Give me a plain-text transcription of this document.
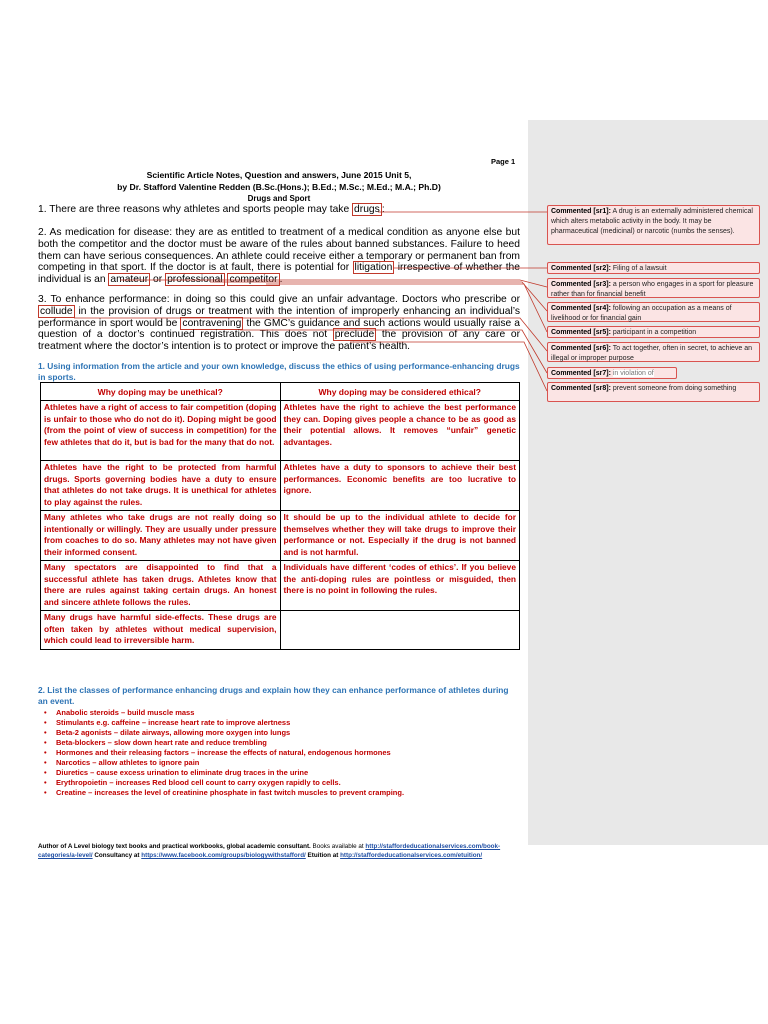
Page 1
Scientific Article Notes, Question and answers, June 2015 Unit 5,
by Dr. Stafford Valentine Redden (B.Sc.(Hons.); B.Ed.; M.Sc.; M.Ed.; M.A.; Ph.D)
Drugs and Sport
1. There are three reasons why athletes and sports people may take drugs :
2. As medication for disease: they are as entitled to treatment of a medical condition as anyone else but both the competitor and the doctor must be aware of the rules about banned substances. Failure to heed them can have serious consequences. An athlete could receive either a temporary or permanent ban from competing in that sport. If the doctor is at fault, there is potential for litigation irrespective of whether the individual is an amateur or professional competitor .
3. To enhance performance: in doing so this could give an unfair advantage. Doctors who prescribe or collude in the provision of drugs or treatment with the intention of improperly enhancing an individual’s performance in sport would be contravening the GMC’s guidance and such actions would usually raise a question of a doctor’s continued registration. This does not preclude the provision of any care or treatment where the doctor’s intention is to protect or improve the patient’s health.
1. Using information from the article and your own knowledge, discuss the ethics of using performance-enhancing drugs in sports.
Why doping may be unethical?	Why doping may be considered ethical?
Athletes have a right of access to fair competition (doping is unfair to those who do not do it). Doping might be good (from the point of view of success in competition) for the few athletes that do it, but is bad for the many that do not.	Athletes have the right to achieve the best performance they can. Doping gives people a chance to be as good as their potential allows. It removes “unfair” genetic advantages.
Athletes have the right to be protected from harmful drugs. Sports governing bodies have a duty to ensure that athletes do not take drugs. It is unethical for athletes to play against the rules.	Athletes have a duty to sponsors to achieve their best performances. Economic benefits are too lucrative to ignore.
Many athletes who take drugs are not really doing so intentionally or willingly. They are usually under pressure from coaches to do so. Many athletes may not have given their informed consent.	It should be up to the individual athlete to decide for themselves whether they will take drugs to improve their performance or not. Especially if the drug is not banned and is not harmful.
Many spectators are disappointed to find that a successful athlete has taken drugs. Athletes know that there are rules against taking certain drugs. An honest and sincere athlete follows the rules.	Individuals have different ‘codes of ethics’. If you believe the anti-doping rules are pointless or misguided, then there is no point in following the rules.
Many drugs have harmful side-effects. These drugs are often taken by athletes without medical supervision, which could lead to irreversible harm.	
2. List the classes of performance enhancing drugs and explain how they can enhance performance of athletes during an event.
• Anabolic steroids – build muscle mass
• Stimulants e.g. caffeine – increase heart rate to improve alertness
• Beta-2 agonists – dilate airways, allowing more oxygen into lungs
• Beta-blockers – slow down heart rate and reduce trembling
• Hormones and their releasing factors – increase the effects of natural, endogenous hormones
• Narcotics – allow athletes to ignore pain
• Diuretics – cause excess urination to eliminate drug traces in the urine
• Erythropoietin – increases Red blood cell count to carry oxygen rapidly to cells.
• Creatine – increases the level of creatinine phosphate in fast twitch muscles to prevent cramping.
Author of A Level biology text books and practical workbooks, global academic consultant. Books available at http://staffordeducationalservices.com/book-categories/a-level/ Consultancy at https://www.facebook.com/groups/biologywithstafford/ Etuition at http://staffordeducationalservices.com/etuition/
Commented [sr1]: A drug is an externally administered chemical which alters metabolic activity in the body. It may be pharmaceutical (medicinal) or narcotic (numbs the senses).
Commented [sr2]: Filing of a lawsuit
Commented [sr3]: a person who engages in a sport for pleasure rather than for financial benefit
Commented [sr4]: following an occupation as a means of livelihood or for financial gain
Commented [sr5]: participant in a competition
Commented [sr6]: To act together, often in secret, to achieve an illegal or improper purpose
Commented [sr7]: in violation of
Commented [sr8]: prevent someone from doing something
